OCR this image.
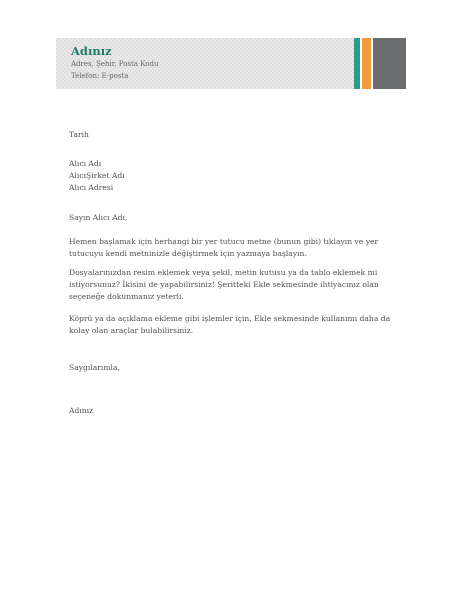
Adınız
Adres, Şehir, Posta Kodu
Telefon: E-posta
Tarih
Alıcı Adı
AlıcıŞirket Adı
Alıcı Adresi
Sayın Alıcı Adı,
Hemen başlamak için herhangi bir yer tutucu metne (bunun gibi) tıklayın ve yer
tutucuyu kendi metninizle değiştirmek için yazmaya başlayın.
Dosyalarınızdan resim eklemek veya şekil, metin kutusu ya da tablo eklemek mi
istiyorsunuz? İkisini de yapabilirsiniz! Şeritteki Ekle sekmesinde ihtiyacınız olan
seçeneğe dokunmanız yeterli.
Köprü ya da açıklama ekleme gibi işlemler için, Ekle sekmesinde kullanımı daha da
kolay olan araçlar bulabilirsiniz.
Saygılarımla,
Adınız
